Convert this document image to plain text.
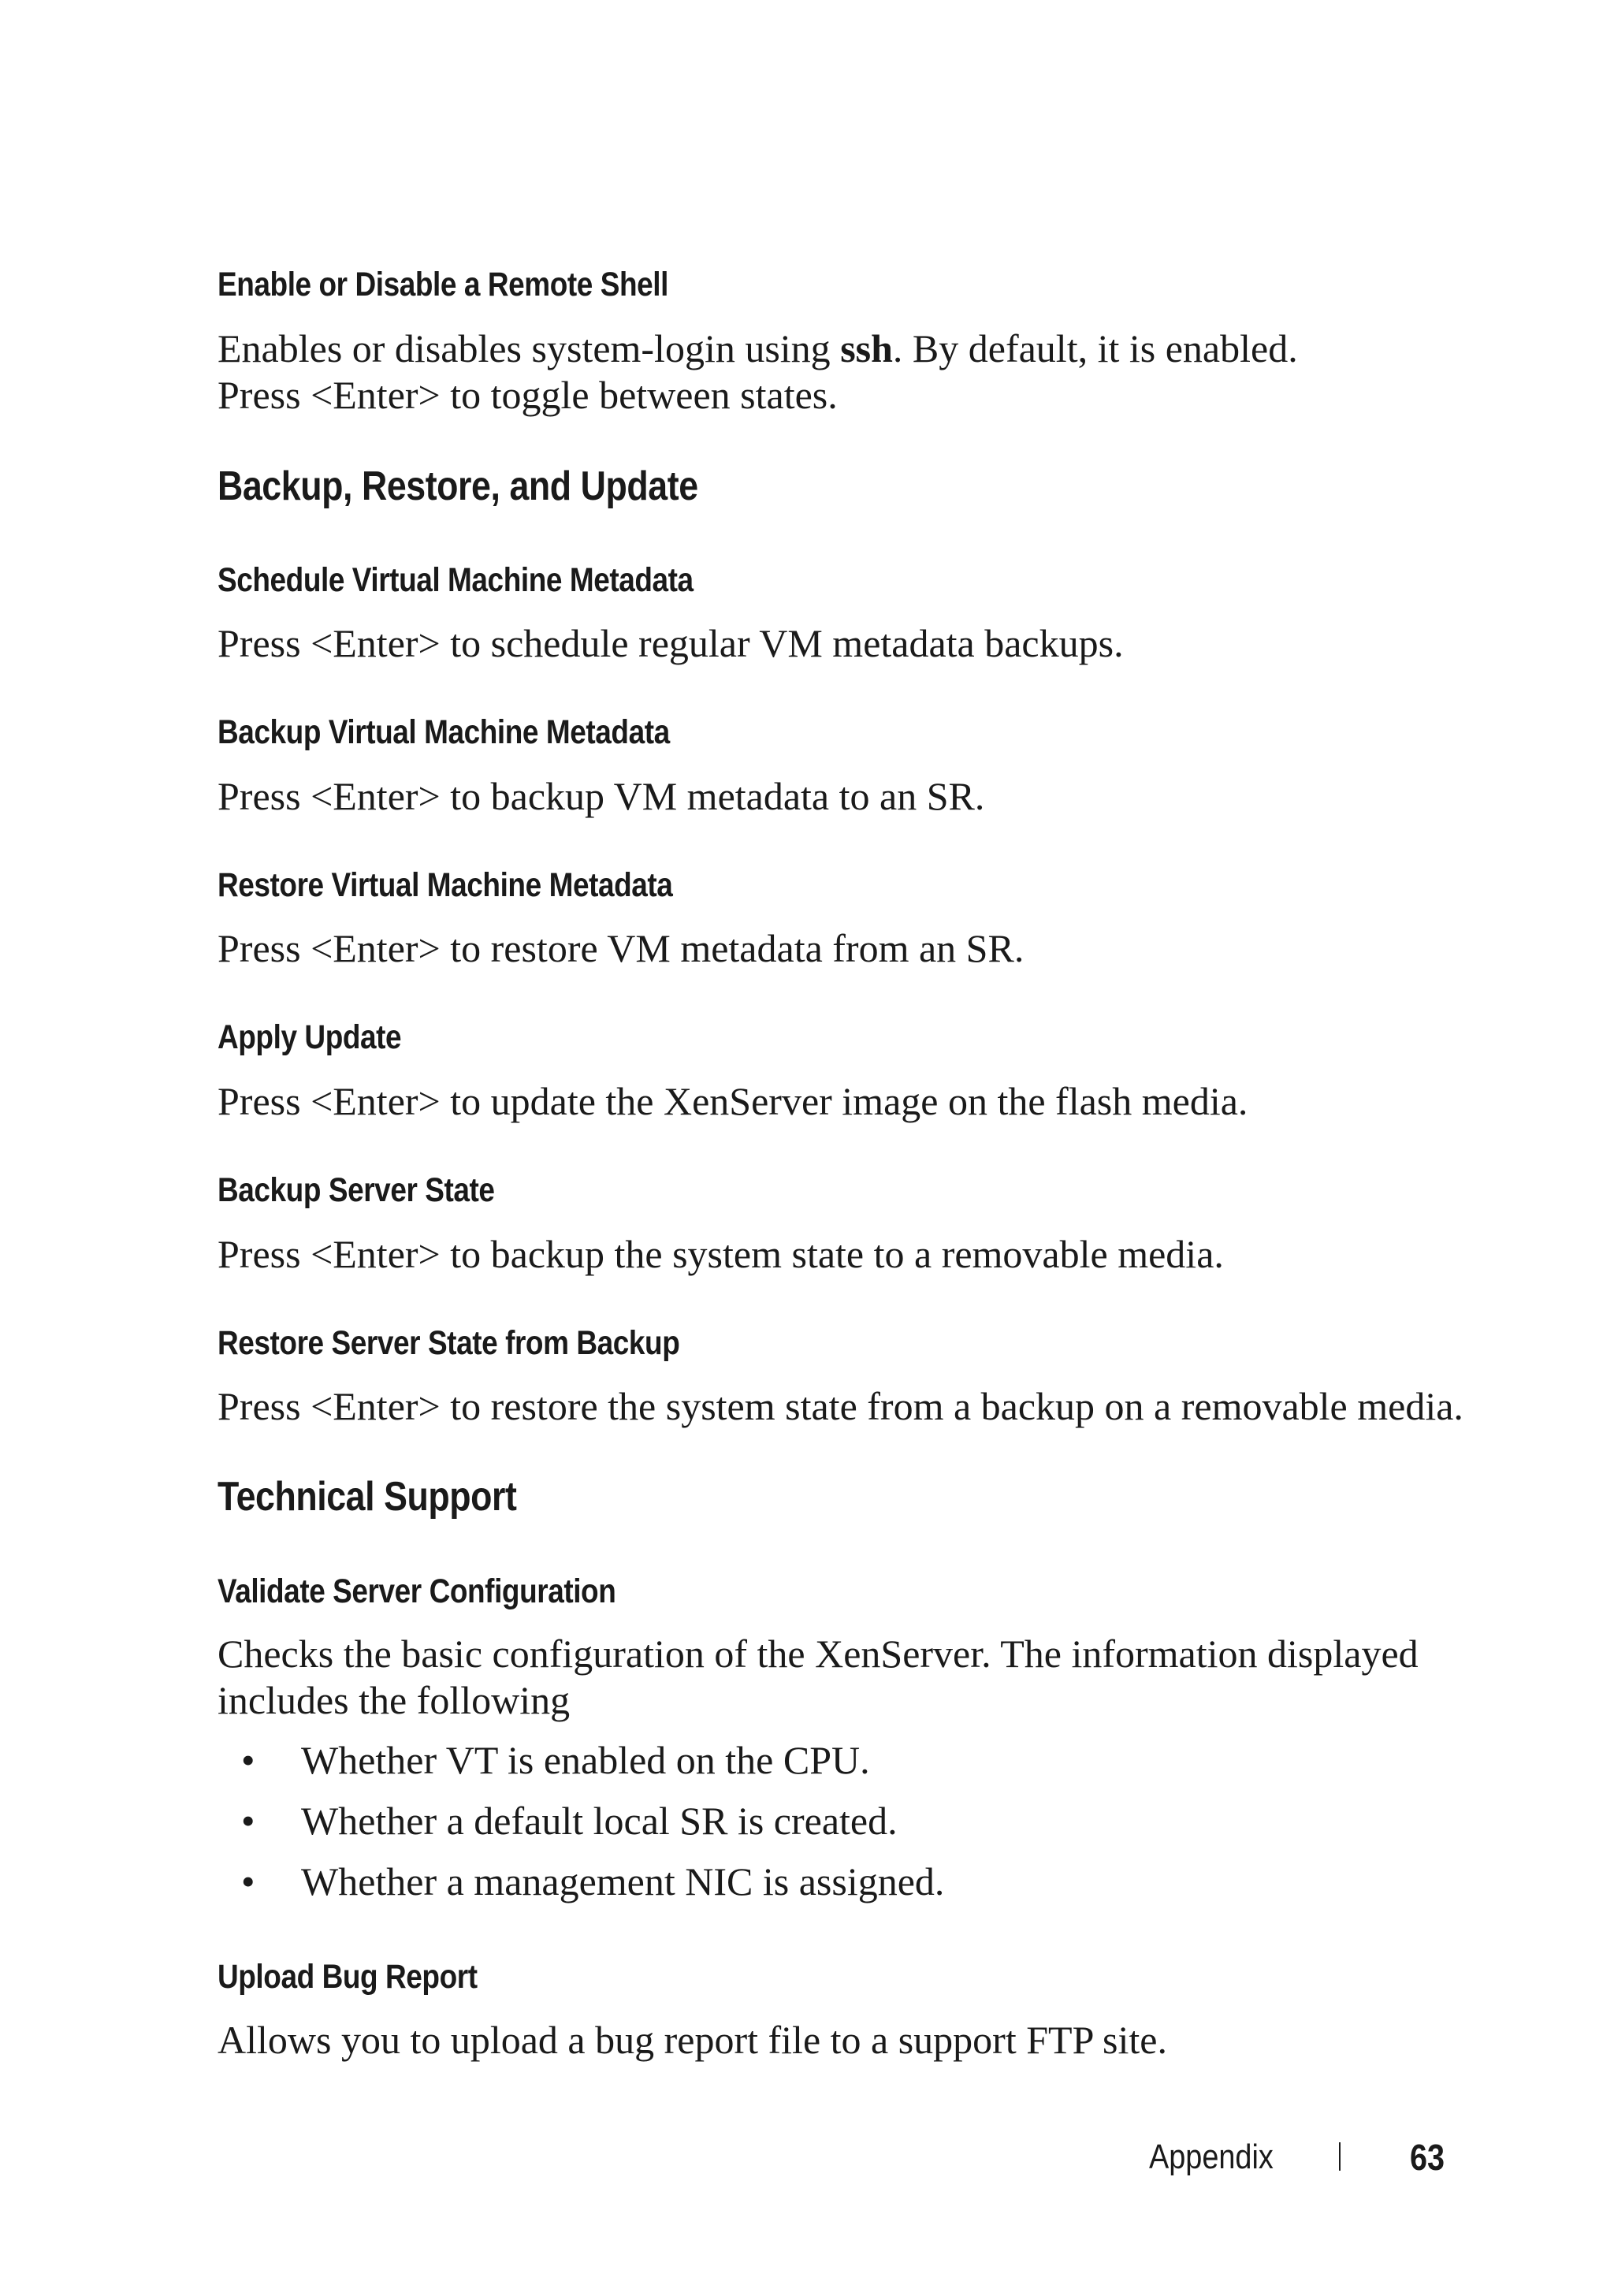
Enable or Disable a Remote Shell

Enables or disables system-login using ssh. By default, it is enabled.

Press <Enter> to toggle between states.

Backup, Restore, and Update
Schedule Virtual Machine Metadata

Press <Enter> to schedule regular VM metadata backups.

Backup Virtual Machine Metadata

Press <Enter> to backup VM metadata to an SR.

Restore Virtual Machine Metadata

Press <Enter> to restore VM metadata from an SR.

Apply Update

Press <Enter> to update the XenServer image on the flash media.

Backup Server State

Press <Enter> to backup the system state to a removable media.

Restore Server State from Backup

Press <Enter> to restore the system state from a backup on a removable media.

Technical Support
Validate Server Configuration

Checks the basic configuration of the XenServer. The information displayed

includes the following

• Whether VT is enabled on the CPU.
• Whether a default local SR is created.
• Whether a management NIC is assigned.
Upload Bug Report

Allows you to upload a bug report file to a support FTP site.

Appendix	63
